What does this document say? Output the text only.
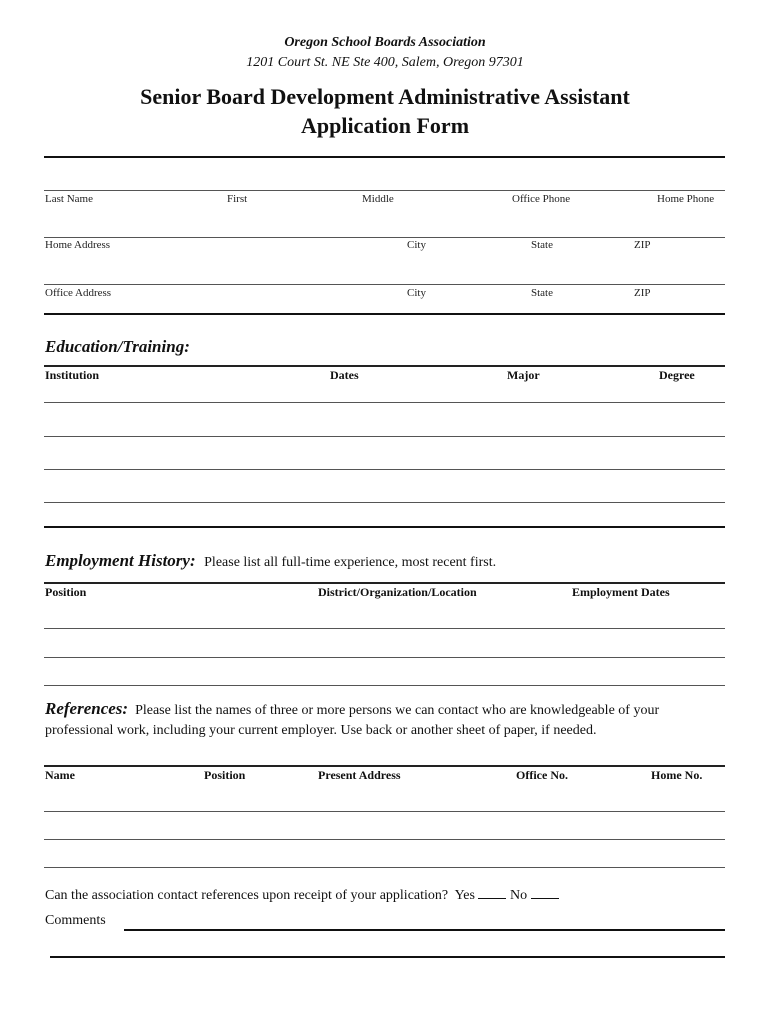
Oregon School Boards Association
1201 Court St. NE Ste 400, Salem, Oregon 97301
Senior Board Development Administrative Assistant
Application Form
Last Name	First	Middle	Office Phone	Home Phone
Home Address	City	State	ZIP
Office Address	City	State	ZIP
Education/Training:
Institution	Dates	Major	Degree
Employment History: Please list all full-time experience, most recent first.
Position	District/Organization/Location	Employment Dates
References: Please list the names of three or more persons we can contact who are knowledgeable of your professional work, including your current employer. Use back or another sheet of paper, if needed.
Name	Position	Present Address	Office No.	Home No.
Can the association contact references upon receipt of your application? Yes	No
Comments
